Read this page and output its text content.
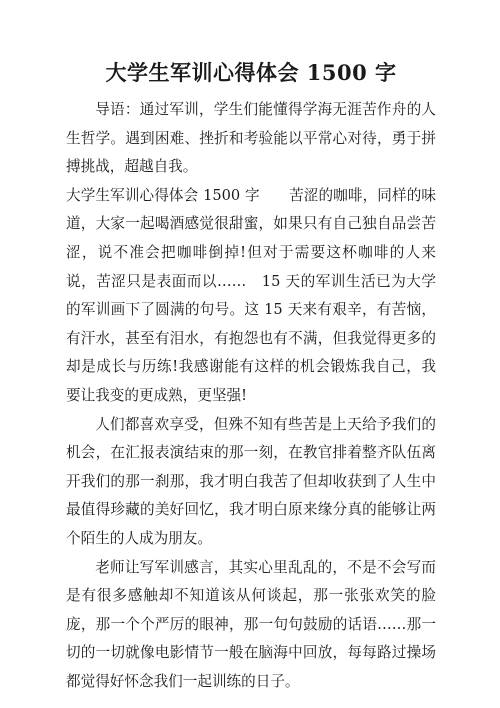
大学生军训心得体会 1500 字

导语：通过军训，学生们能懂得学海无涯苦作舟的人生哲学。遇到困难、挫折和考验能以平常心对待，勇于拼搏挑战，超越自我。

大学生军训心得体会 1500 字　　苦涩的咖啡，同样的味道，大家一起喝酒感觉很甜蜜，如果只有自己独自品尝苦涩，说不准会把咖啡倒掉!但对于需要这杯咖啡的人来说，苦涩只是表面而以……　15 天的军训生活已为大学的军训画下了圆满的句号。这 15 天来有艰辛，有苦恼，有汗水，甚至有泪水，有抱怨也有不满，但我觉得更多的却是成长与历练!我感谢能有这样的机会锻炼我自己，我要让我变的更成熟，更坚强!

人们都喜欢享受，但殊不知有些苦是上天给予我们的机会，在汇报表演结束的那一刻，在教官排着整齐队伍离开我们的那一刹那，我才明白我苦了但却收获到了人生中最值得珍藏的美好回忆，我才明白原来缘分真的能够让两个陌生的人成为朋友。

老师让写军训感言，其实心里乱乱的，不是不会写而是有很多感触却不知道该从何谈起，那一张张欢笑的脸庞，那一个个严厉的眼神，那一句句鼓励的话语……那一切的一切就像电影情节一般在脑海中回放，每每路过操场都觉得好怀念我们一起训练的日子。
